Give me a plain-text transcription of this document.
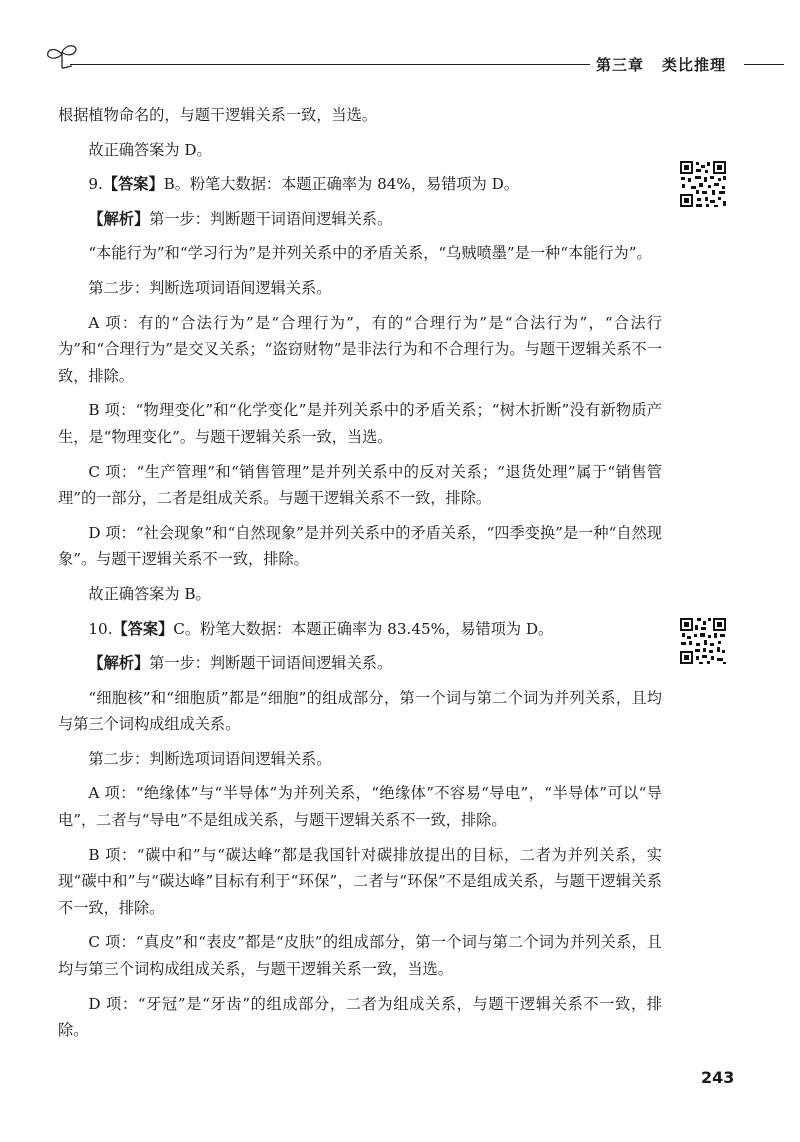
第三章 类比推理

根据植物命名的，与题干逻辑关系一致，当选。

故正确答案为 D。

9.【答案】B。粉笔大数据：本题正确率为 84%，易错项为 D。

【解析】第一步：判断题干词语间逻辑关系。

“本能行为”和“学习行为”是并列关系中的矛盾关系，“乌贼喷墨”是一种“本能行为”。

第二步：判断选项词语间逻辑关系。

A 项：有的“合法行为”是“合理行为”，有的“合理行为”是“合法行为”，“合法行为”和“合理行为”是交叉关系；“盗窃财物”是非法行为和不合理行为。与题干逻辑关系不一致，排除。

B 项：“物理变化”和“化学变化”是并列关系中的矛盾关系；“树木折断”没有新物质产生，是“物理变化”。与题干逻辑关系一致，当选。

C 项：“生产管理”和“销售管理”是并列关系中的反对关系；“退货处理”属于“销售管理”的一部分，二者是组成关系。与题干逻辑关系不一致，排除。

D 项：“社会现象”和“自然现象”是并列关系中的矛盾关系，“四季变换”是一种“自然现象”。与题干逻辑关系不一致，排除。

故正确答案为 B。

10.【答案】C。粉笔大数据：本题正确率为 83.45%，易错项为 D。

【解析】第一步：判断题干词语间逻辑关系。

“细胞核”和“细胞质”都是“细胞”的组成部分，第一个词与第二个词为并列关系，且均与第三个词构成组成关系。

第二步：判断选项词语间逻辑关系。

A 项：“绝缘体”与“半导体”为并列关系，“绝缘体”不容易“导电”，“半导体”可以“导电”，二者与“导电”不是组成关系，与题干逻辑关系不一致，排除。

B 项：“碳中和”与“碳达峰”都是我国针对碳排放提出的目标，二者为并列关系，实现“碳中和”与“碳达峰”目标有利于“环保”，二者与“环保”不是组成关系，与题干逻辑关系不一致，排除。

C 项：“真皮”和“表皮”都是“皮肤”的组成部分，第一个词与第二个词为并列关系，且均与第三个词构成组成关系，与题干逻辑关系一致，当选。

D 项：“牙冠”是“牙齿”的组成部分，二者为组成关系，与题干逻辑关系不一致，排除。

243
